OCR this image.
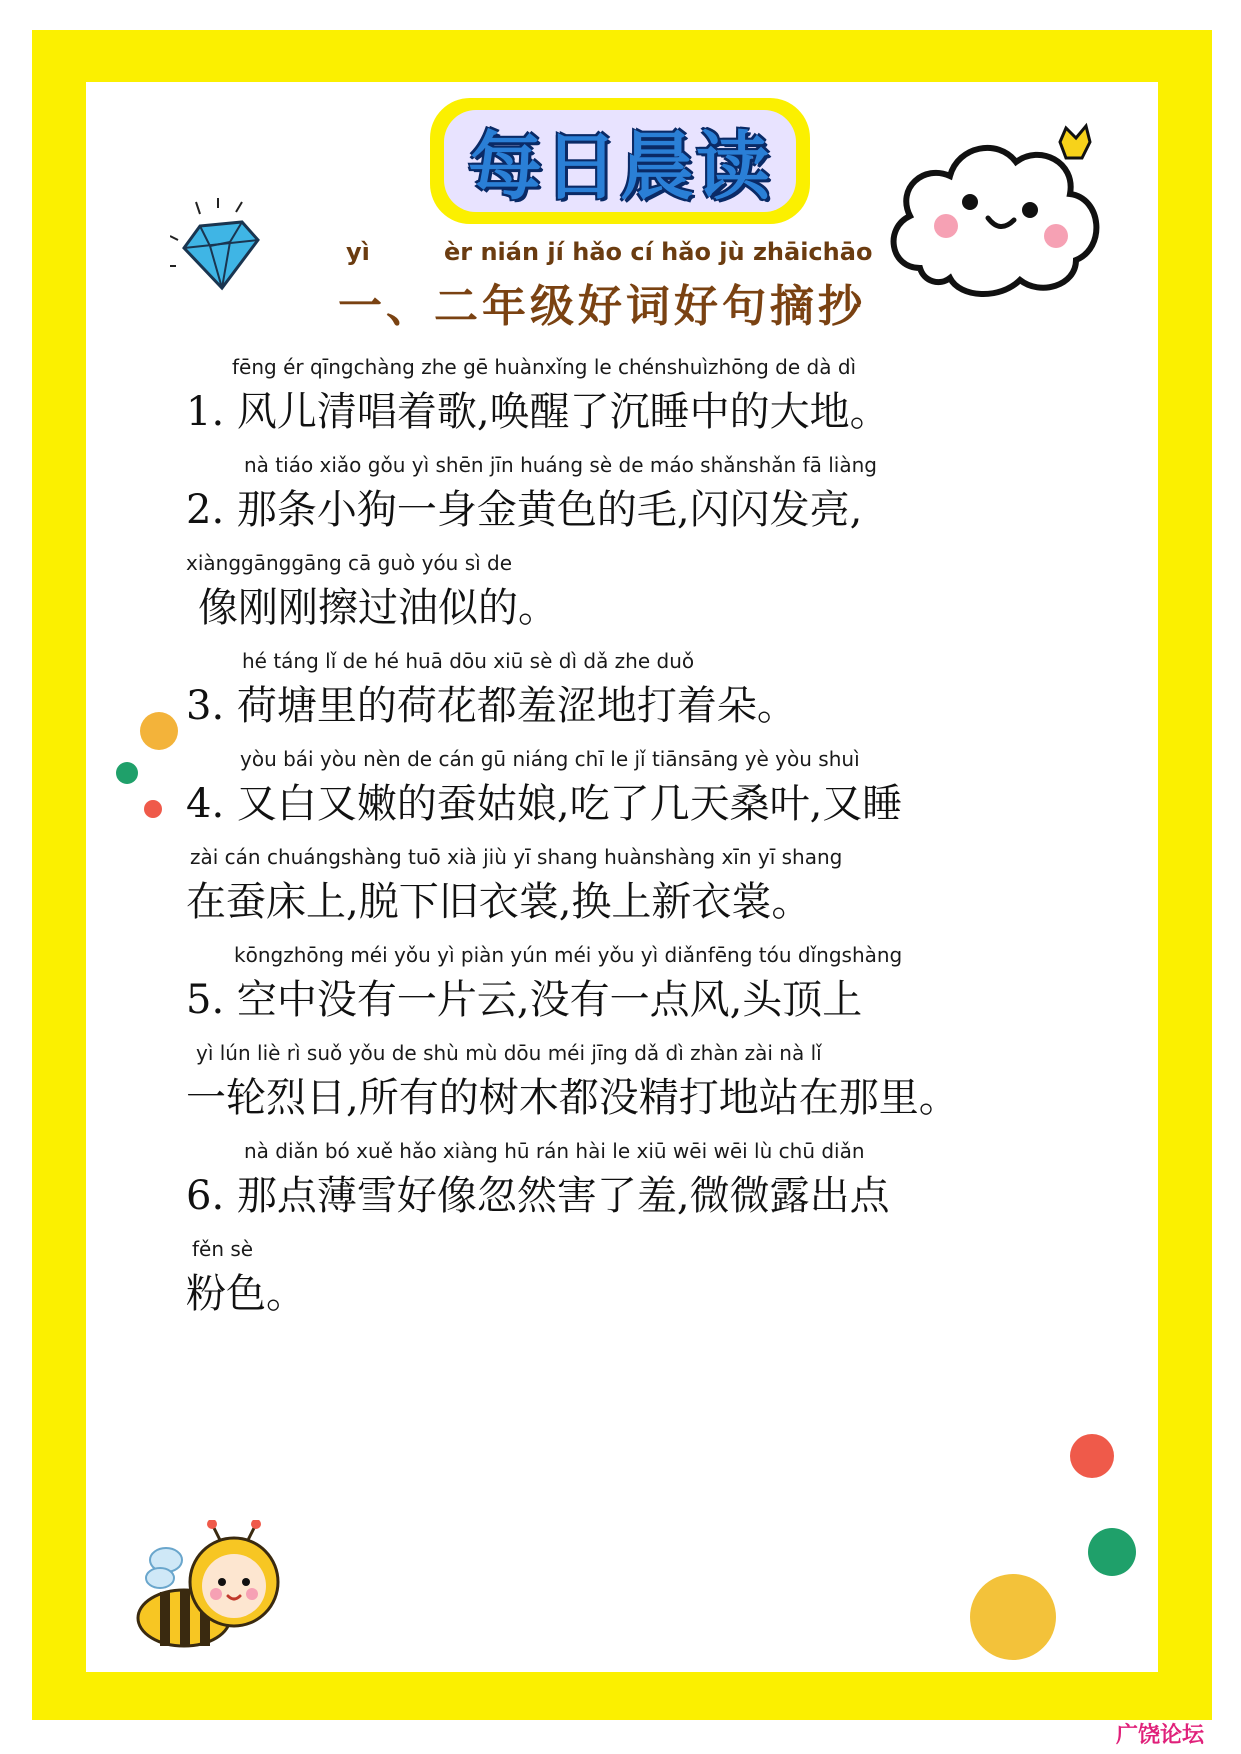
每日晨读
yì	èr nián jí hǎo cí hǎo jù zhāichāo
一、二年级好词好句摘抄
fēng ér qīngchàng zhe gē huànxǐng le chénshuìzhōng de dà dì
1. 风儿清唱着歌,唤醒了沉睡中的大地。
nà tiáo xiǎo gǒu yì shēn jīn huáng sè de máo shǎnshǎn fā liàng
2. 那条小狗一身金黄色的毛,闪闪发亮,
xiànggānggāng cā guò yóu sì de
像刚刚擦过油似的。
hé táng lǐ de hé huā dōu xiū sè dì dǎ zhe duǒ
3. 荷塘里的荷花都羞涩地打着朵。
yòu bái yòu nèn de cán gū niáng chī le jǐ tiānsāng yè yòu shuì
4. 又白又嫩的蚕姑娘,吃了几天桑叶,又睡
zài cán chuángshàng tuō xià jiù yī shang huànshàng xīn yī shang
在蚕床上,脱下旧衣裳,换上新衣裳。
kōngzhōng méi yǒu yì piàn yún méi yǒu yì diǎnfēng tóu dǐngshàng
5. 空中没有一片云,没有一点风,头顶上
yì lún liè rì suǒ yǒu de shù mù dōu méi jīng dǎ dì zhàn zài nà lǐ
一轮烈日,所有的树木都没精打地站在那里。
nà diǎn bó xuě hǎo xiàng hū rán hài le xiū wēi wēi lù chū diǎn
6. 那点薄雪好像忽然害了羞,微微露出点
fěn sè
粉色。
广饶论坛
